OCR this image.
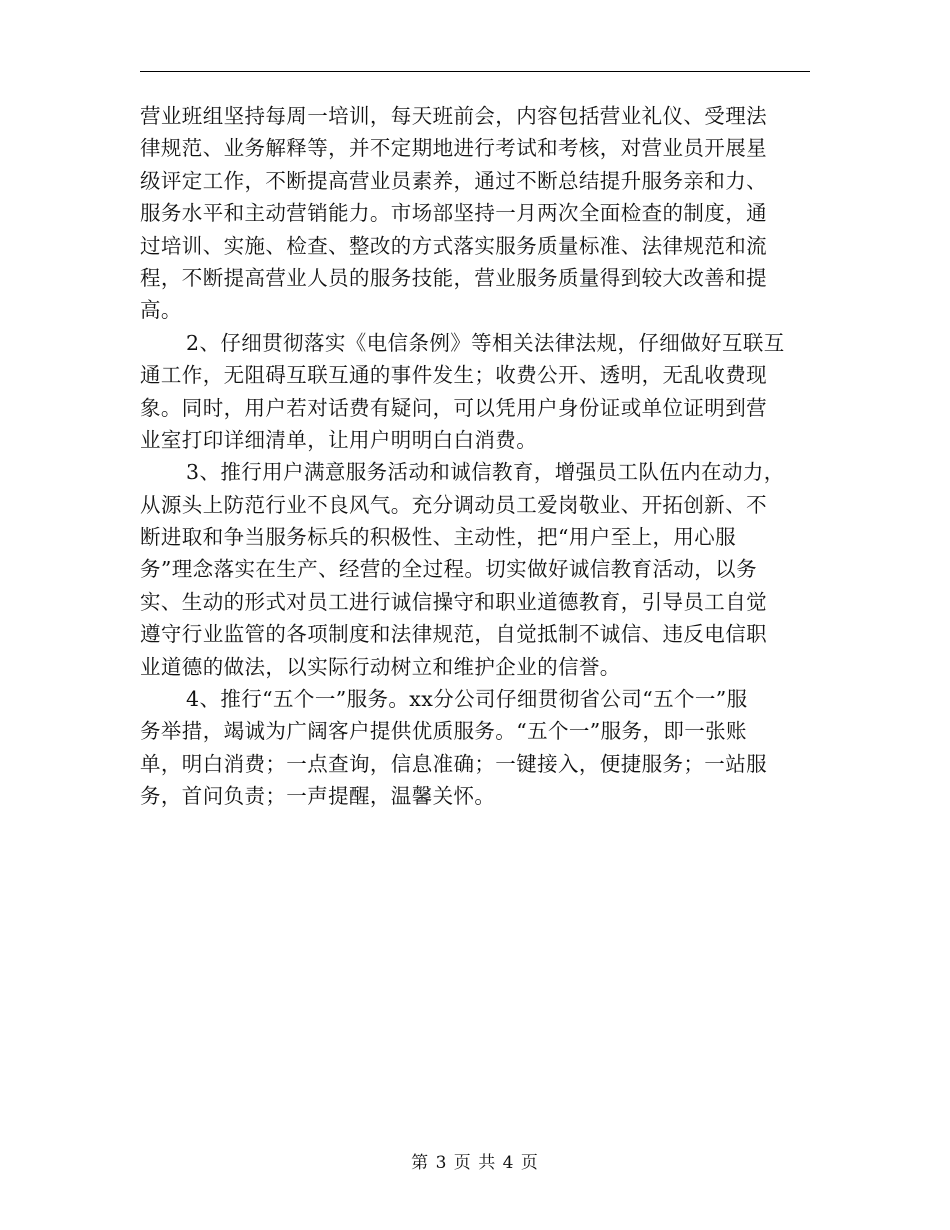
营业班组坚持每周一培训，每天班前会，内容包括营业礼仪、受理法
律规范、业务解释等，并不定期地进行考试和考核，对营业员开展星
级评定工作，不断提高营业员素养，通过不断总结提升服务亲和力、
服务水平和主动营销能力。市场部坚持一月两次全面检查的制度，通
过培训、实施、检查、整改的方式落实服务质量标准、法律规范和流
程，不断提高营业人员的服务技能，营业服务质量得到较大改善和提
高。
2、仔细贯彻落实《电信条例》等相关法律法规，仔细做好互联互
通工作，无阻碍互联互通的事件发生；收费公开、透明，无乱收费现
象。同时，用户若对话费有疑问，可以凭用户身份证或单位证明到营
业室打印详细清单，让用户明明白白消费。
3、推行用户满意服务活动和诚信教育，增强员工队伍内在动力，
从源头上防范行业不良风气。充分调动员工爱岗敬业、开拓创新、不
断进取和争当服务标兵的积极性、主动性，把“用户至上，用心服
务”理念落实在生产、经营的全过程。切实做好诚信教育活动，以务
实、生动的形式对员工进行诚信操守和职业道德教育，引导员工自觉
遵守行业监管的各项制度和法律规范，自觉抵制不诚信、违反电信职
业道德的做法，以实际行动树立和维护企业的信誉。
4、推行“五个一”服务。xx分公司仔细贯彻省公司“五个一”服
务举措，竭诚为广阔客户提供优质服务。“五个一”服务，即一张账
单，明白消费；一点查询，信息准确；一键接入，便捷服务；一站服
务，首问负责；一声提醒，温馨关怀。
第 3 页 共 4 页
